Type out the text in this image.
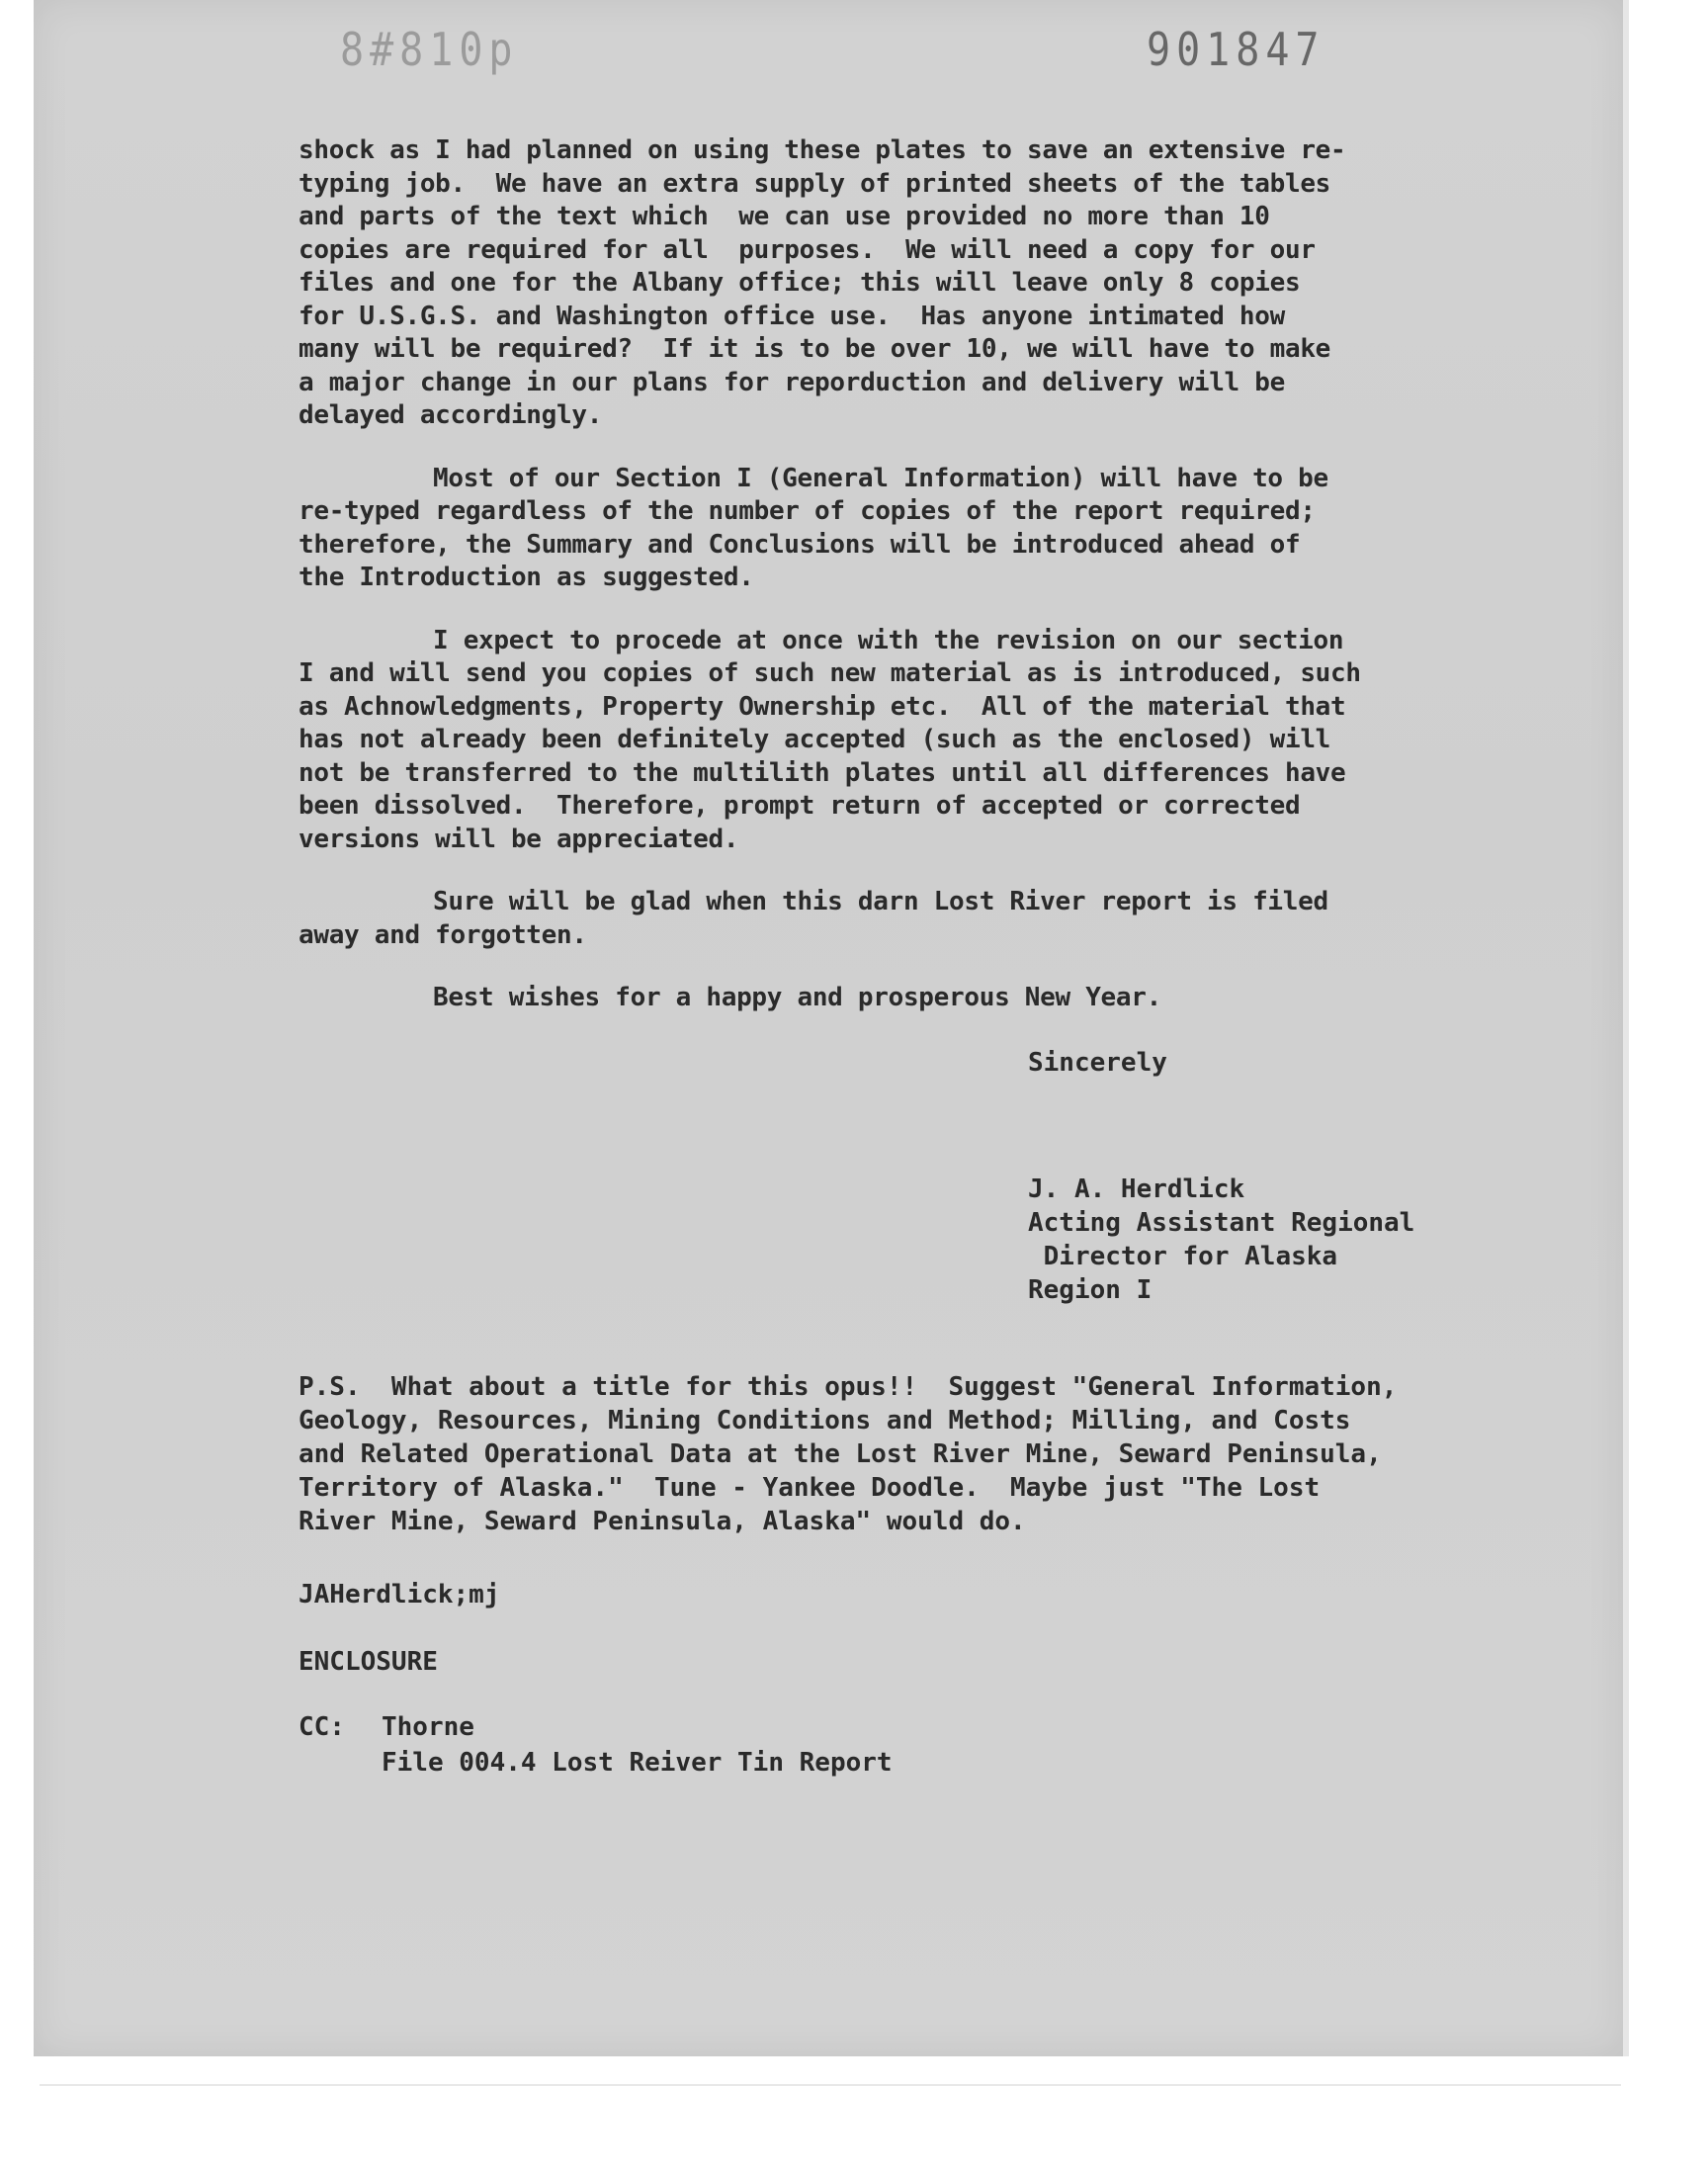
8#810p	901847

shock as I had planned on using these plates to save an extensive re-
typing job.  We have an extra supply of printed sheets of the tables
and parts of the text which  we can use provided no more than 10
copies are required for all  purposes.  We will need a copy for our
files and one for the Albany office; this will leave only 8 copies
for U.S.G.S. and Washington office use.  Has anyone intimated how
many will be required?  If it is to be over 10, we will have to make
a major change in our plans for reporduction and delivery will be
delayed accordingly.

Most of our Section I (General Information) will have to be
re-typed regardless of the number of copies of the report required;
therefore, the Summary and Conclusions will be introduced ahead of
the Introduction as suggested.

I expect to procede at once with the revision on our section
I and will send you copies of such new material as is introduced, such
as Achnowledgments, Property Ownership etc.  All of the material that
has not already been definitely accepted (such as the enclosed) will
not be transferred to the multilith plates until all differences have
been dissolved.  Therefore, prompt return of accepted or corrected
versions will be appreciated.

Sure will be glad when this darn Lost River report is filed
away and forgotten.

Best wishes for a happy and prosperous New Year.

Sincerely
J. A. Herdlick
Acting Assistant Regional
Director for Alaska
Region I
P.S.  What about a title for this opus!!  Suggest "General Information,
Geology, Resources, Mining Conditions and Method; Milling, and Costs
and Related Operational Data at the Lost River Mine, Seward Peninsula,
Territory of Alaska."  Tune - Yankee Doodle.  Maybe just "The Lost
River Mine, Seward Peninsula, Alaska" would do.
JAHerdlick;mj
ENCLOSURE
CC: Thorne
File 004.4 Lost Reiver Tin Report
